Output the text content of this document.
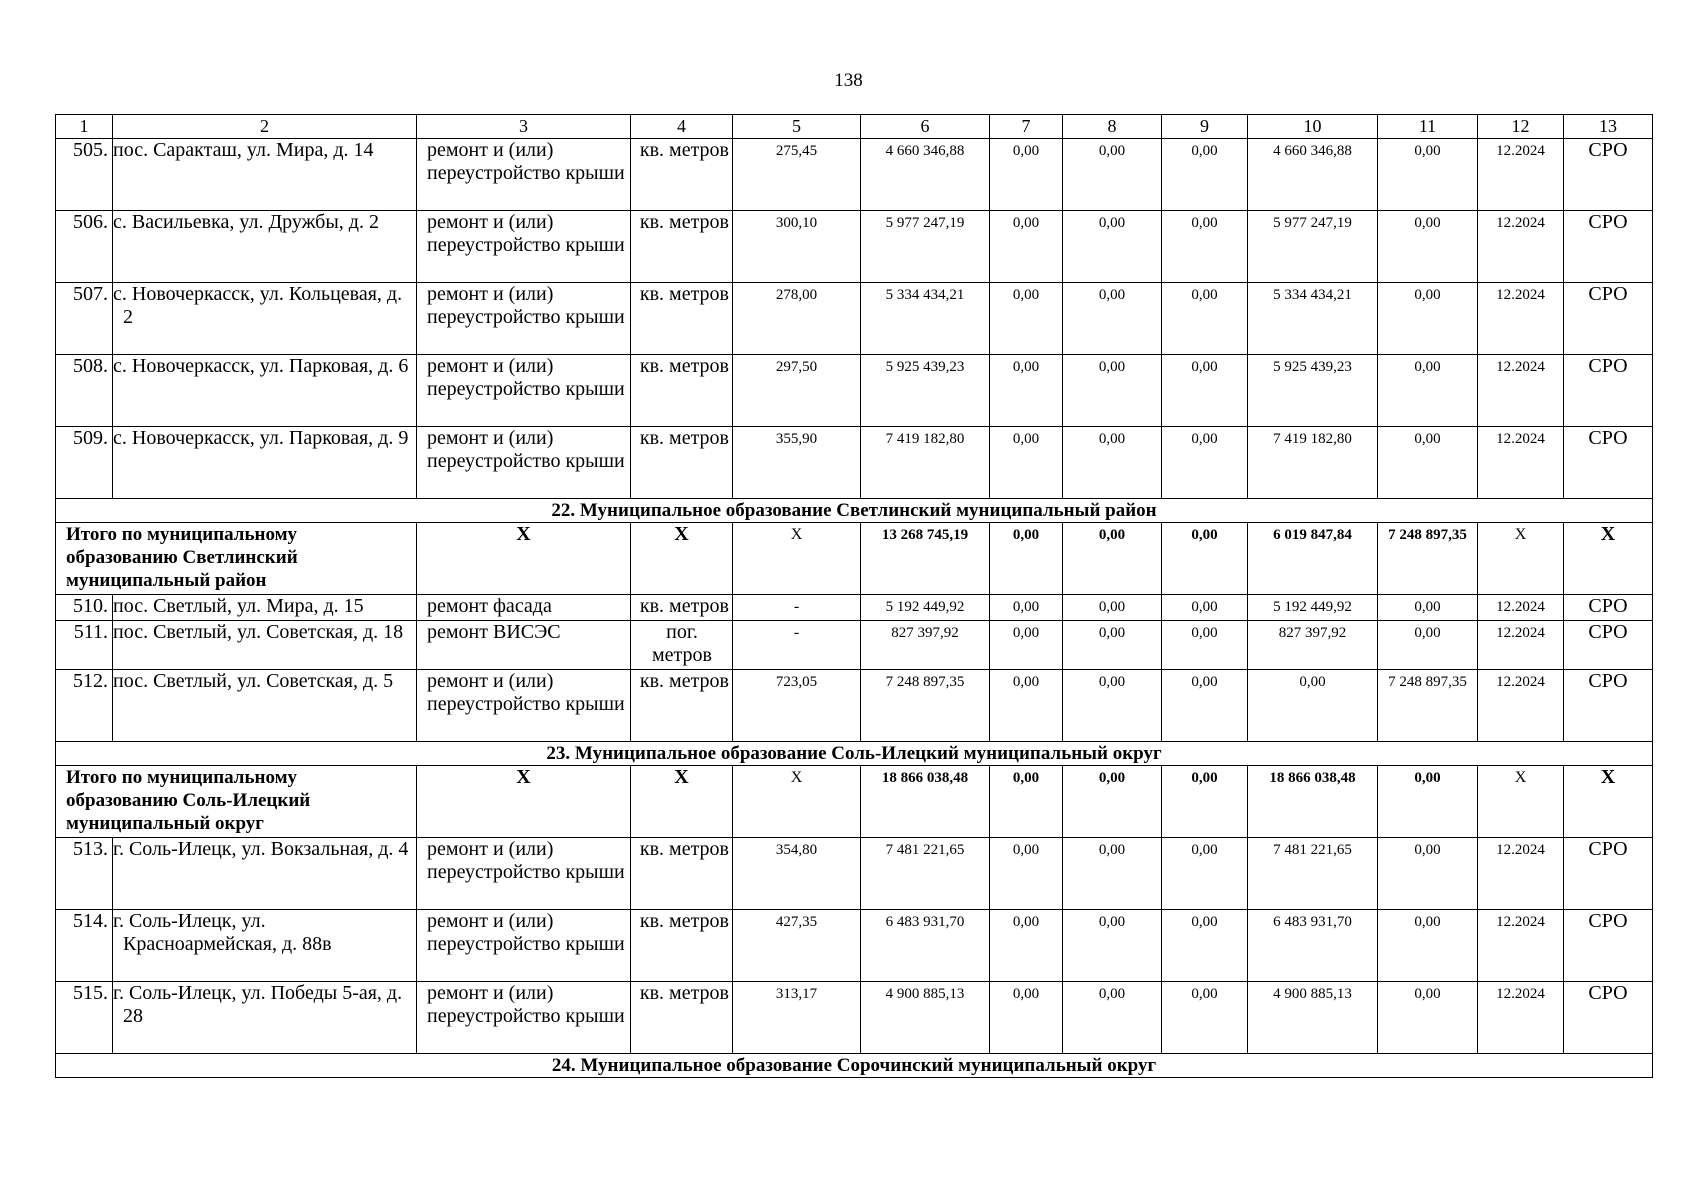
138
1	2	3	4	5	6	7	8	9	10	11	12	13
505.	пос. Саракташ, ул. Мира, д. 14	ремонт и (или) переустройство крыши	кв. метров	275,45	4 660 346,88	0,00	0,00	0,00	4 660 346,88	0,00	12.2024	СРО
506.	с. Васильевка, ул. Дружбы, д. 2	ремонт и (или) переустройство крыши	кв. метров	300,10	5 977 247,19	0,00	0,00	0,00	5 977 247,19	0,00	12.2024	СРО
507.	с. Новочеркасск, ул. Кольцевая, д. 2	ремонт и (или) переустройство крыши	кв. метров	278,00	5 334 434,21	0,00	0,00	0,00	5 334 434,21	0,00	12.2024	СРО
508.	с. Новочеркасск, ул. Парковая, д. 6	ремонт и (или) переустройство крыши	кв. метров	297,50	5 925 439,23	0,00	0,00	0,00	5 925 439,23	0,00	12.2024	СРО
509.	с. Новочеркасск, ул. Парковая, д. 9	ремонт и (или) переустройство крыши	кв. метров	355,90	7 419 182,80	0,00	0,00	0,00	7 419 182,80	0,00	12.2024	СРО
22. Муниципальное образование Светлинский муниципальный район												
Итого по муниципальному образованию Светлинский муниципальный район		Х	Х	Х	13 268 745,19	0,00	0,00	0,00	6 019 847,84	7 248 897,35	Х	Х
510.	пос. Светлый, ул. Мира, д. 15	ремонт фасада	кв. метров	-	5 192 449,92	0,00	0,00	0,00	5 192 449,92	0,00	12.2024	СРО
511.	пос. Светлый, ул. Советская, д. 18	ремонт ВИСЭС	пог. метров	-	827 397,92	0,00	0,00	0,00	827 397,92	0,00	12.2024	СРО
512.	пос. Светлый, ул. Советская, д. 5	ремонт и (или) переустройство крыши	кв. метров	723,05	7 248 897,35	0,00	0,00	0,00	0,00	7 248 897,35	12.2024	СРО
23. Муниципальное образование Соль-Илецкий муниципальный округ												
Итого по муниципальному образованию Соль-Илецкий муниципальный округ		Х	Х	Х	18 866 038,48	0,00	0,00	0,00	18 866 038,48	0,00	Х	Х
513.	г. Соль-Илецк, ул. Вокзальная, д. 4	ремонт и (или) переустройство крыши	кв. метров	354,80	7 481 221,65	0,00	0,00	0,00	7 481 221,65	0,00	12.2024	СРО
514.	г. Соль-Илецк, ул. Красноармейская, д. 88в	ремонт и (или) переустройство крыши	кв. метров	427,35	6 483 931,70	0,00	0,00	0,00	6 483 931,70	0,00	12.2024	СРО
515.	г. Соль-Илецк, ул. Победы 5-ая, д. 28	ремонт и (или) переустройство крыши	кв. метров	313,17	4 900 885,13	0,00	0,00	0,00	4 900 885,13	0,00	12.2024	СРО
24. Муниципальное образование Сорочинский муниципальный округ												
